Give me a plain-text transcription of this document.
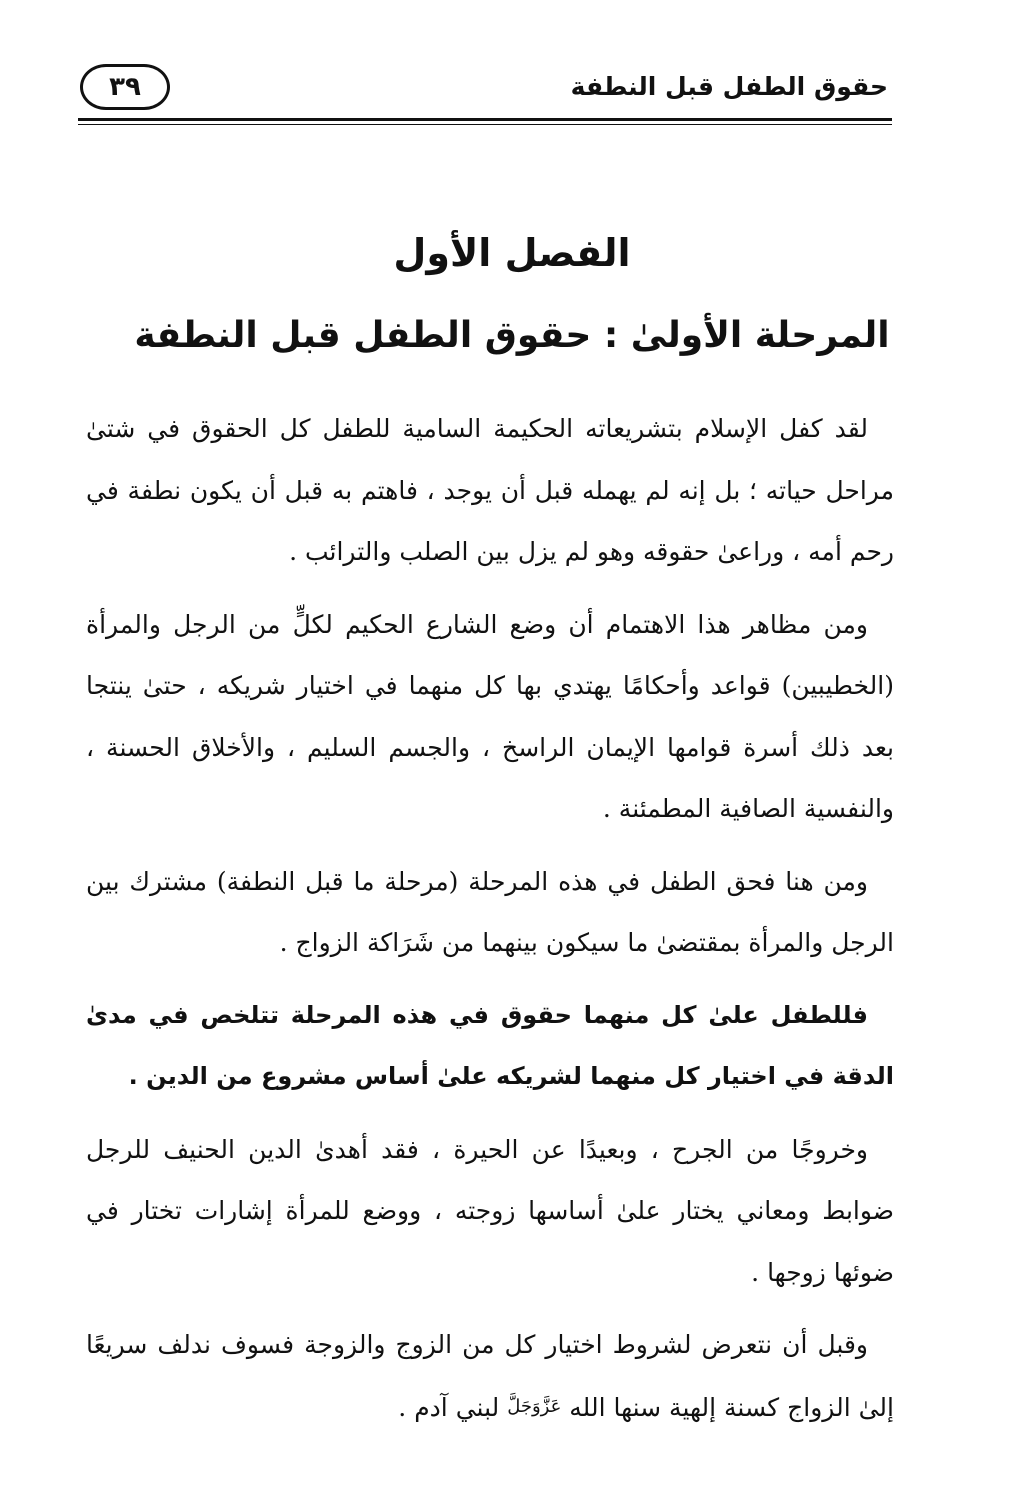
حقوق الطفل قبل النطفة
٣٩
الفصل الأول
المرحلة الأولىٰ : حقوق الطفل قبل النطفة

لقد كفل الإسلام بتشريعاته الحكيمة السامية للطفل كل الحقوق في شتىٰ مراحل حياته ؛ بل إنه لم يهمله قبل أن يوجد ، فاهتم به قبل أن يكون نطفة في رحم أمه ، وراعىٰ حقوقه وهو لم يزل بين الصلب والترائب .

ومن مظاهر هذا الاهتمام أن وضع الشارع الحكيم لكلٍّ من الرجل والمرأة (الخطيبين) قواعد وأحكامًا يهتدي بها كل منهما في اختيار شريكه ، حتىٰ ينتجا بعد ذلك أسرة قوامها الإيمان الراسخ ، والجسم السليم ، والأخلاق الحسنة ، والنفسية الصافية المطمئنة .

ومن هنا فحق الطفل في هذه المرحلة (مرحلة ما قبل النطفة) مشترك بين الرجل والمرأة بمقتضىٰ ما سيكون بينهما من شَرَاكة الزواج .

فللطفل علىٰ كل منهما حقوق في هذه المرحلة تتلخص في مدىٰ الدقة في اختيار كل منهما لشريكه علىٰ أساس مشروع من الدين .

وخروجًا من الجرح ، وبعيدًا عن الحيرة ، فقد أهدىٰ الدين الحنيف للرجل ضوابط ومعاني يختار علىٰ أساسها زوجته ، ووضع للمرأة إشارات تختار في ضوئها زوجها .

وقبل أن نتعرض لشروط اختيار كل من الزوج والزوجة فسوف ندلف سريعًا إلىٰ الزواج كسنة إلهية سنها الله عَزَّوَجَلَّ لبني آدم .
